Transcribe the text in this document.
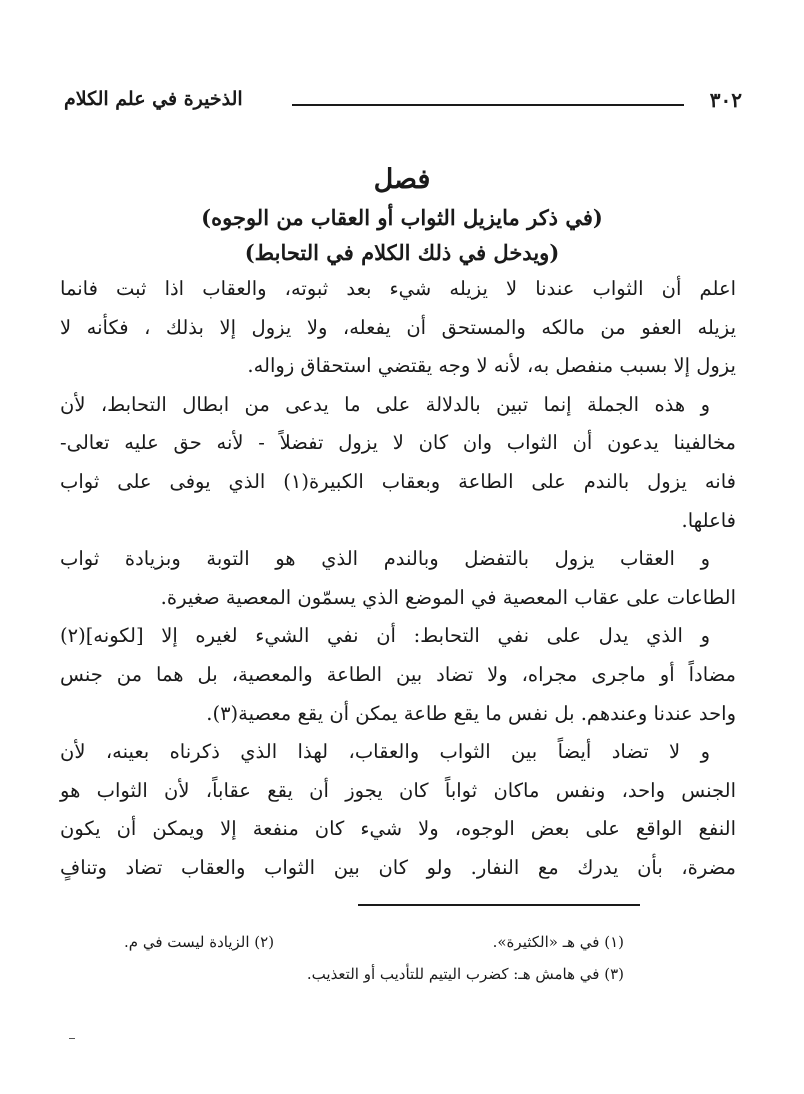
٣٠٢
الذخيرة في علم الكلام
فصل
(في ذكر مايزيل الثواب أو العقاب من الوجوه)
(ويدخل في ذلك الكلام في التحابط)
اعلم أن الثواب عندنا لا يزيله شيء بعد ثبوته، والعقاب اذا ثبت فانما
يزيله العفو من مالكه والمستحق أن يفعله، ولا يزول إلا بذلك ، فكأنه لا
يزول إلا بسبب منفصل به، لأنه لا وجه يقتضي استحقاق زواله.
و هذه الجملة إنما تبين بالدلالة على ما يدعى من ابطال التحابط، لأن
مخالفينا يدعون أن الثواب وان كان لا يزول تفضلاً - لأنه حق عليه تعالى-
فانه يزول بالندم على الطاعة وبعقاب الكبيرة(١) الذي يوفى على ثواب
فاعلها.
و العقاب يزول بالتفضل وبالندم الذي هو التوبة وبزيادة ثواب
الطاعات على عقاب المعصية في الموضع الذي يسمّون المعصية صغيرة.
و الذي يدل على نفي التحابط: أن نفي الشيء لغيره إلا [لكونه](٢)
مضاداً أو ماجرى مجراه، ولا تضاد بين الطاعة والمعصية، بل هما من جنس
واحد عندنا وعندهم. بل نفس ما يقع طاعة يمكن أن يقع معصية(٣).
و لا تضاد أيضاً بين الثواب والعقاب، لهذا الذي ذكرناه بعينه، لأن
الجنس واحد، ونفس ماكان ثواباً كان يجوز أن يقع عقاباً، لأن الثواب هو
النفع الواقع على بعض الوجوه، ولا شيء كان منفعة إلا ويمكن أن يكون
مضرة، بأن يدرك مع النفار. ولو كان بين الثواب والعقاب تضاد وتنافٍ
(١) في هـ «الكثيرة».
(٢) الزيادة ليست في م.
(٣) في هامش هـ: كضرب اليتيم للتأديب أو التعذيب.
